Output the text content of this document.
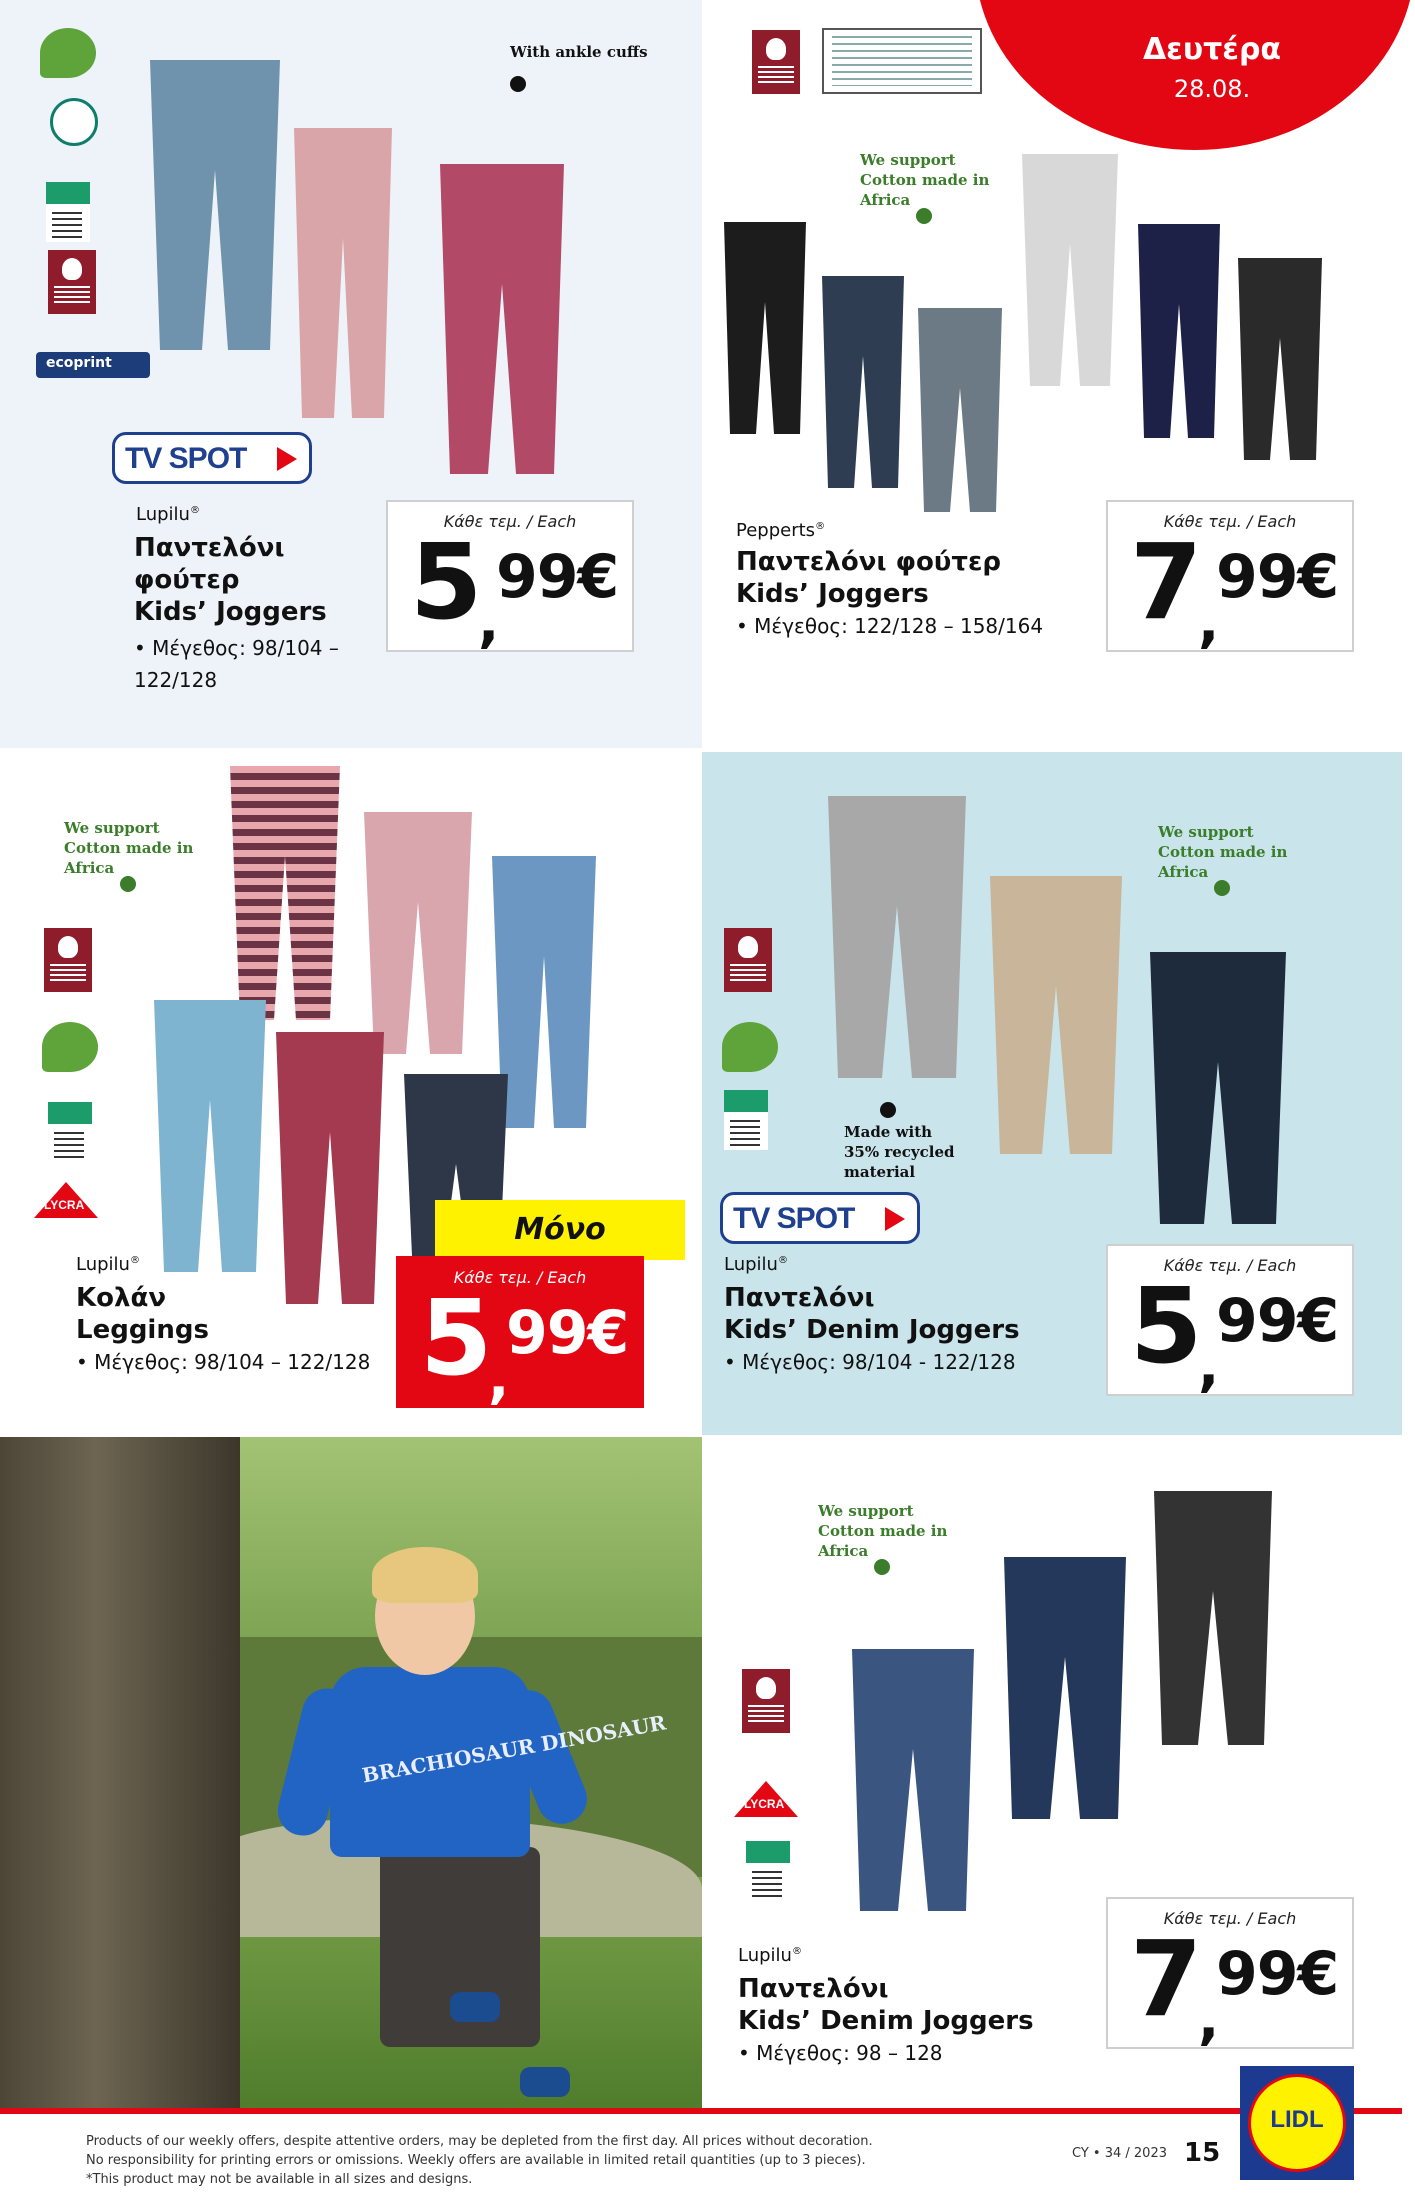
ecoprint
With ankle cuffs
TV SPOT
Lupilu®
Παντελόνι
φούτερ
Kids’ Joggers
• Μέγεθος: 98/104 –
122/128
Κάθε τεμ. / Each
5
,
99€
We support
Cotton made in
Africa
Pepperts®
Παντελόνι φούτερ
Kids’ Joggers
• Μέγεθος: 122/128 – 158/164
Κάθε τεμ. / Each
7
,
99€
Δευτέρα
28.08.
We support
Cotton made in
Africa
LYCRA
Lupilu®
Κολάν
Leggings
• Μέγεθος: 98/104 – 122/128
Μόνο
Κάθε τεμ. / Each
5
,
99€
We support
Cotton made in
Africa
Made with
35% recycled
material
TV SPOT
Lupilu®
Παντελόνι
Kids’ Denim Joggers
• Μέγεθος: 98/104 - 122/128
Κάθε τεμ. / Each
5
,
99€
BRACHIOSAUR DINOSAUR
We support
Cotton made in
Africa
LYCRA
Lupilu®
Παντελόνι
Kids’ Denim Joggers
• Μέγεθος: 98 – 128
Κάθε τεμ. / Each
7
,
99€
Products of our weekly offers, despite attentive orders, may be depleted from the first day. All prices without decoration.
No responsibility for printing errors or omissions. Weekly offers are available in limited retail quantities (up to 3 pieces).
*This product may not be available in all sizes and designs.
CY • 34 / 2023 15
LIDL
